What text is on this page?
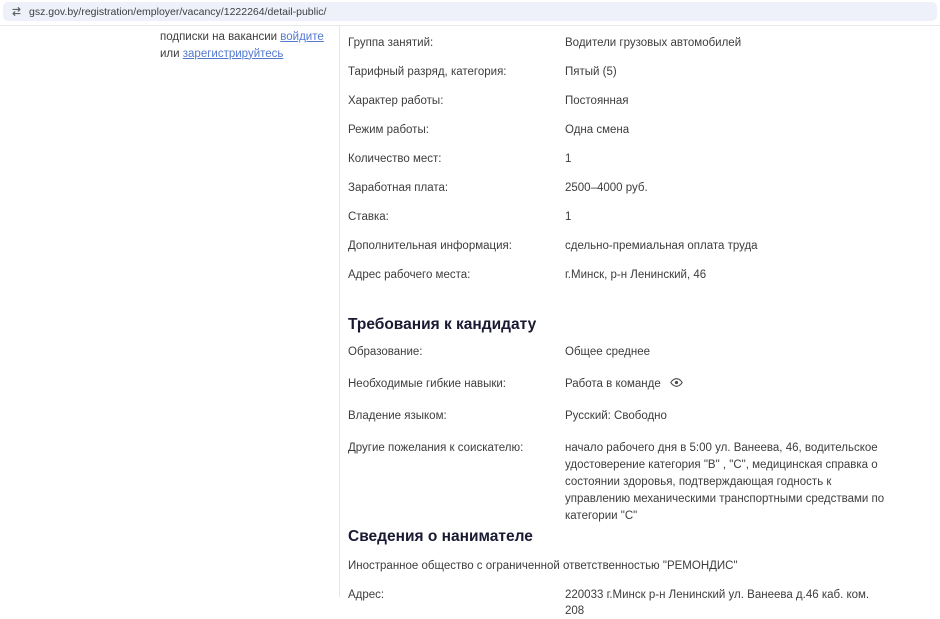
gsz.gov.by/registration/employer/vacancy/1222264/detail-public/
подписки на вакансии войдите
или зарегистрируйтесь
Группа занятий:	Водители грузовых автомобилей
Тарифный разряд, категория:	Пятый (5)
Характер работы:	Постоянная
Режим работы:	Одна смена
Количество мест:	1
Заработная плата:	2500–4000 руб.
Ставка:	1
Дополнительная информация:	сдельно-премиальная оплата труда
Адрес рабочего места:	г.Минск, р-н Ленинский, 46
Требования к кандидату
Образование:	Общее среднее
Необходимые гибкие навыки:	Работа в команде
Владение языком:	Русский: Свободно
Другие пожелания к соискателю:	начало рабочего дня в 5:00 ул. Ванеева, 46, водительское удостоверение категория "В" , "С", медицинская справка о состоянии здоровья, подтверждающая годность к управлению механическими транспортными средствами по категории "С"
Сведения о нанимателе
Иностранное общество с ограниченной ответственностью "РЕМОНДИС"
Адрес:	220033 г.Минск р-н Ленинский ул. Ванеева д.46 каб. ком. 208
